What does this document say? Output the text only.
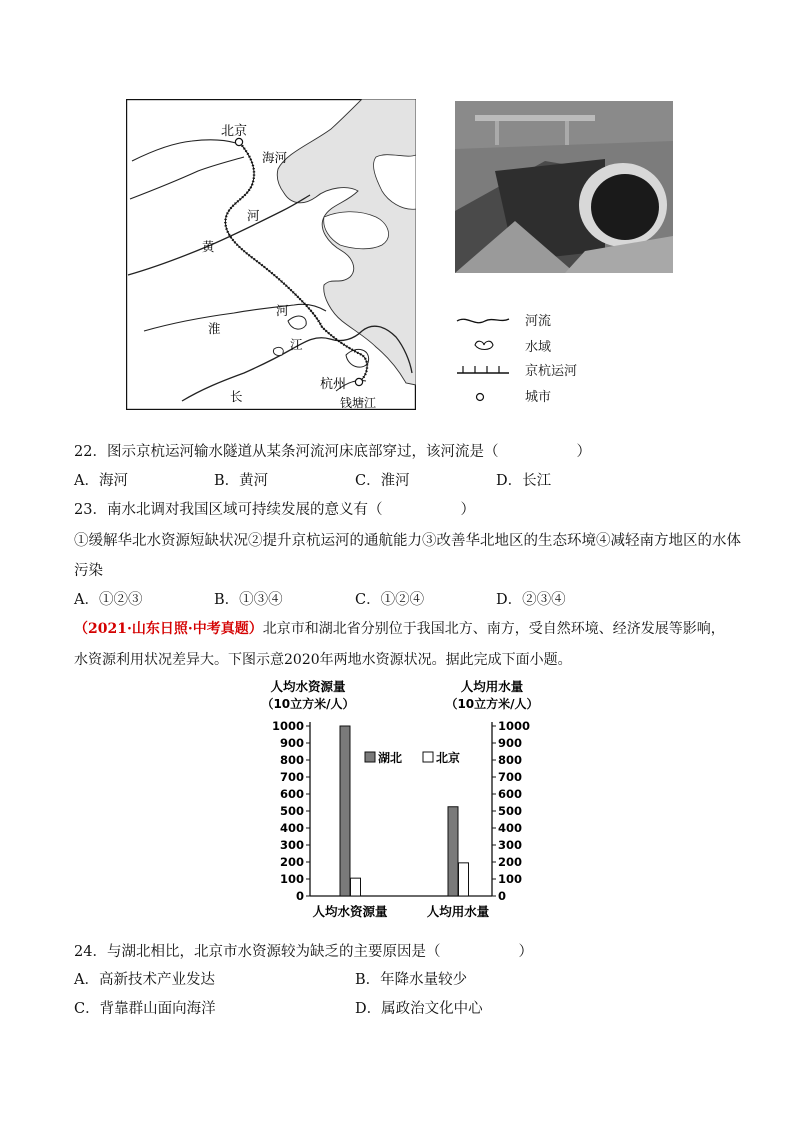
北京
海河
河
黄
河
淮
江
长
杭州
钱塘江
河流
水域
京杭运河
城市
22．图示京杭运河输水隧道从某条河流河床底部穿过，该河流是（	）
A．海河	B．黄河	C．淮河	D．长江
23．南水北调对我国区域可持续发展的意义有（	）
①缓解华北水资源短缺状况②提升京杭运河的通航能力③改善华北地区的生态环境④减轻南方地区的水体
污染
A．①②③	B．①③④	C．①②④	D．②③④
（2021·山东日照·中考真题）北京市和湖北省分别位于我国北方、南方，受自然环境、经济发展等影响，
水资源利用状况差异大。下图示意2020年两地水资源状况。据此完成下面小题。
人均水资源量
（10立方米/人）
人均用水量
（10立方米/人）
0	0
100	100
200	200
300	300
400	400
500	500
600	600
700	700
800	800
900	900
1000	1000
人均水资源量	人均用水量
湖北	北京
24．与湖北相比，北京市水资源较为缺乏的主要原因是（	）
A．高新技术产业发达	B．年降水量较少
C．背靠群山面向海洋	D．属政治文化中心
